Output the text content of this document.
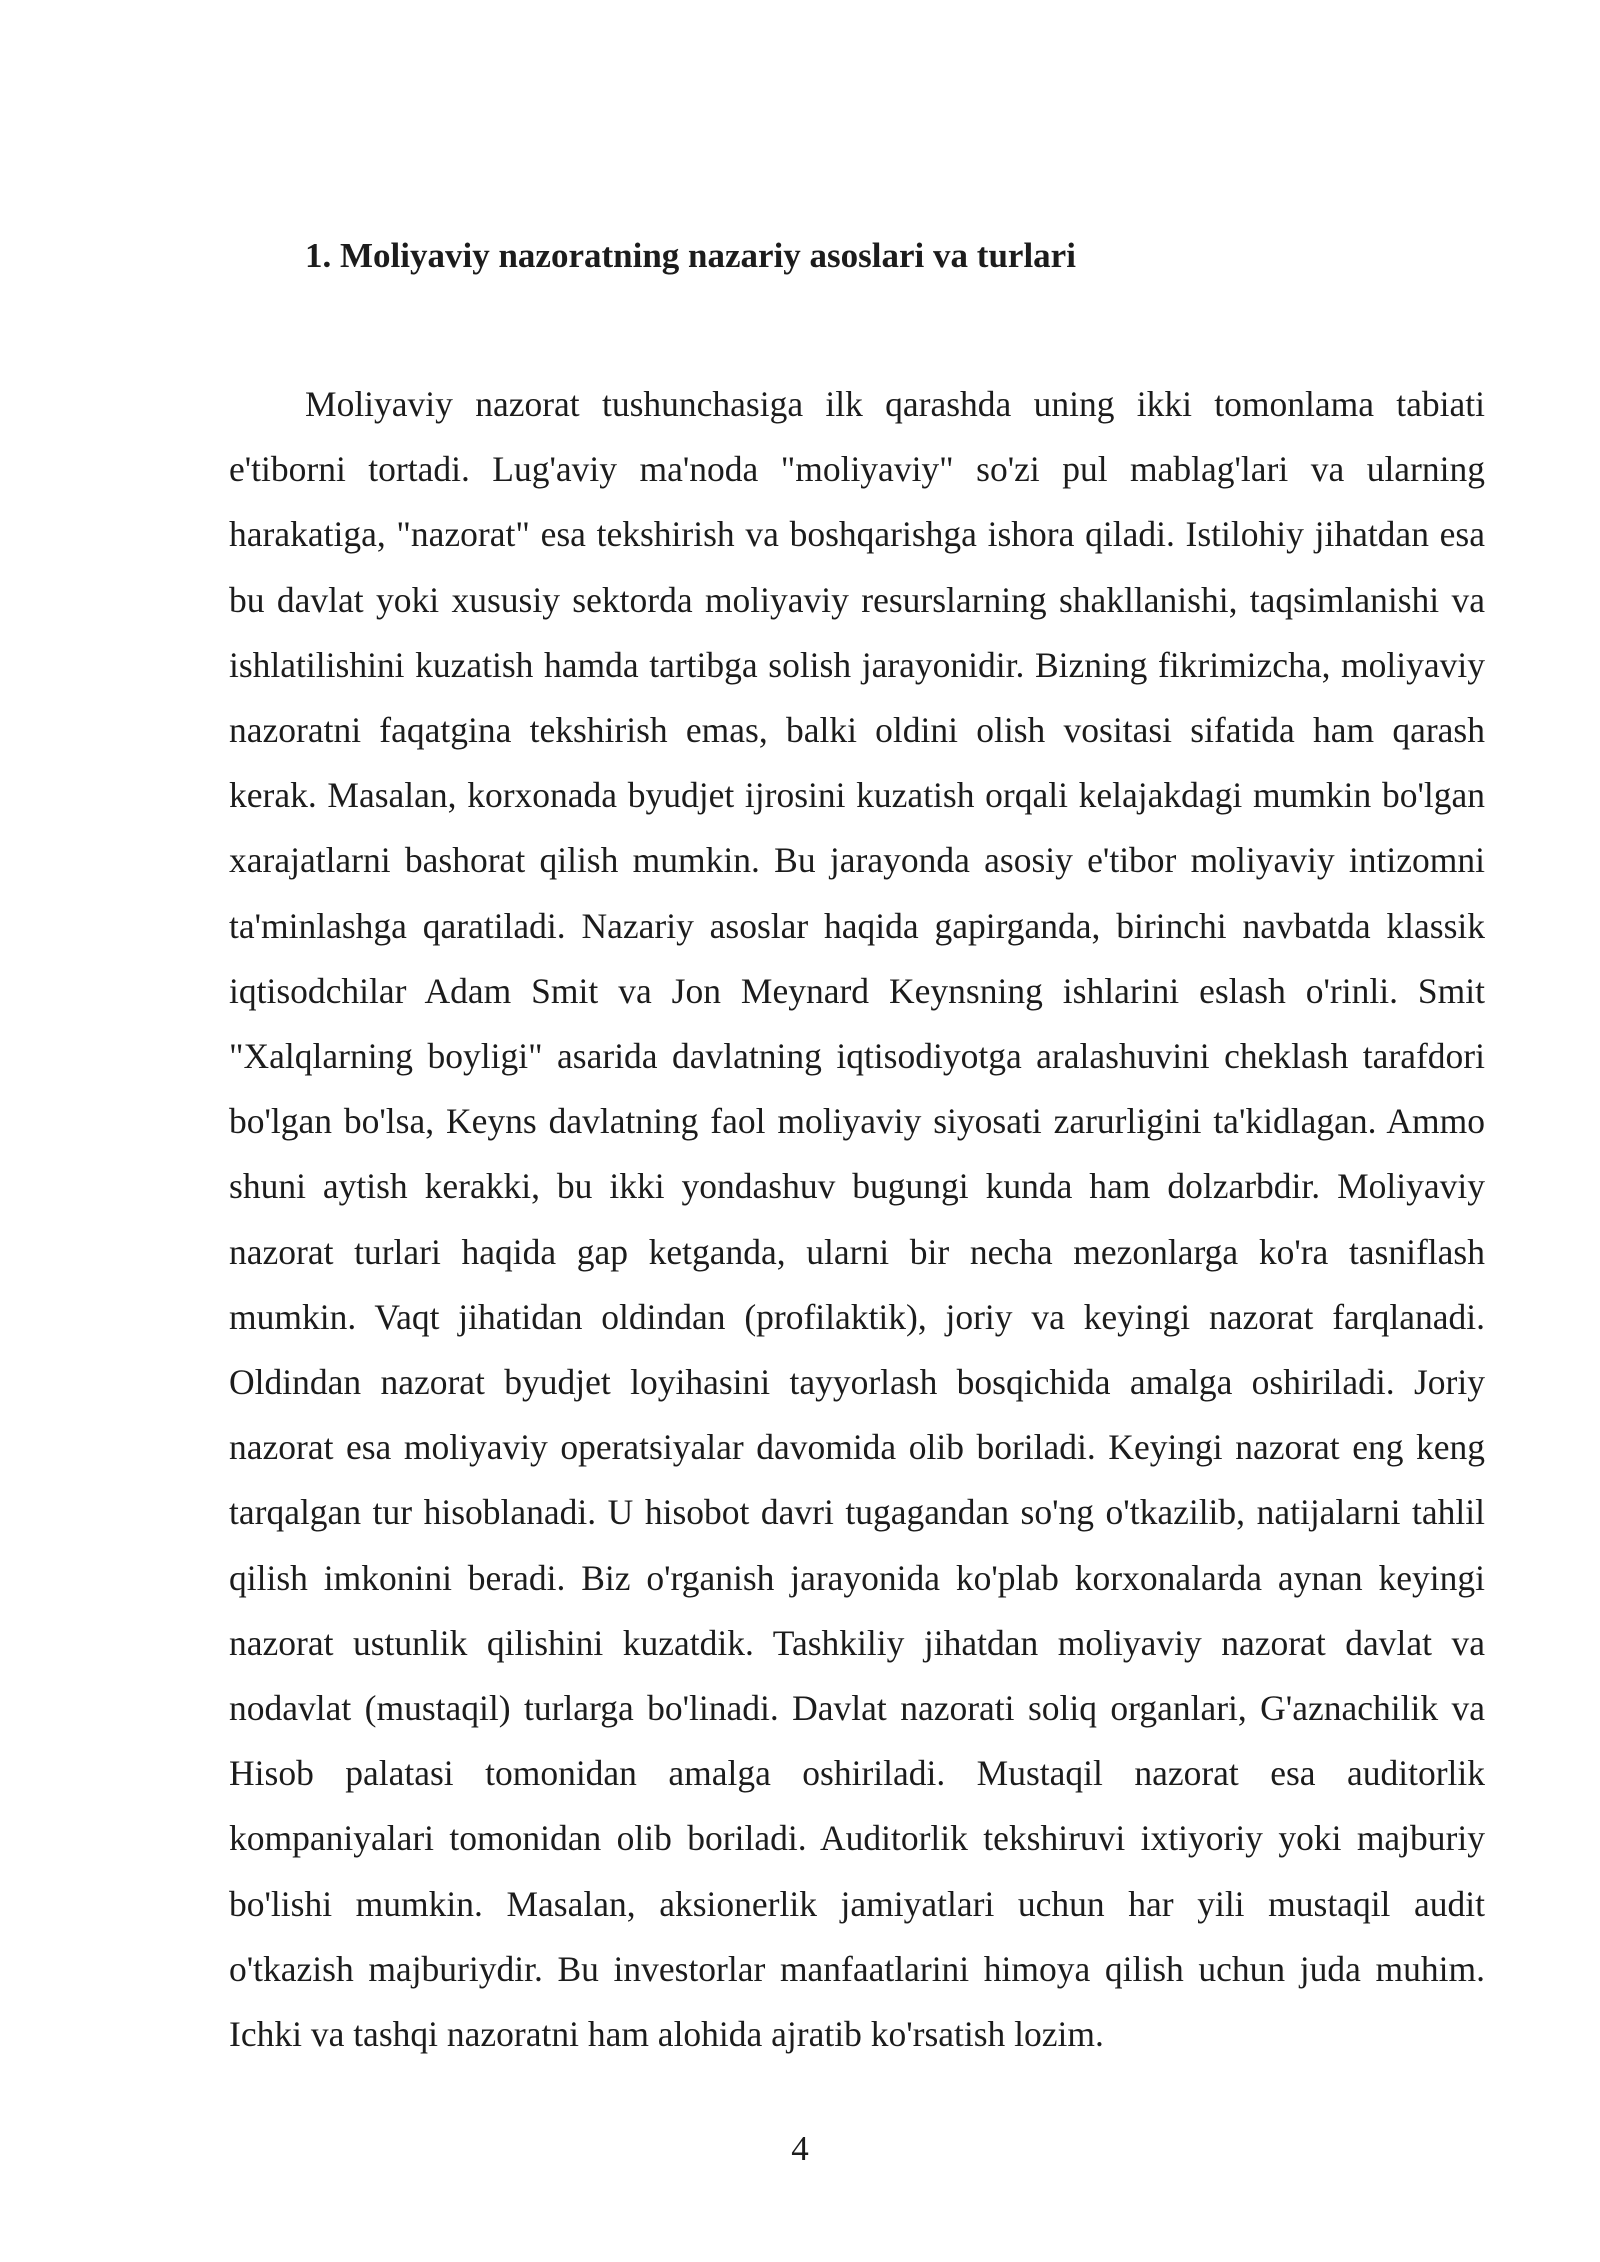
1. Moliyaviy nazoratning nazariy asoslari va turlari

Moliyaviy nazorat tushunchasiga ilk qarashda uning ikki tomonlama tabiati e'tiborni tortadi. Lug'aviy ma'noda "moliyaviy" so'zi pul mablag'lari va ularning harakatiga, "nazorat" esa tekshirish va boshqarishga ishora qiladi. Istilohiy jihatdan esa bu davlat yoki xususiy sektorda moliyaviy resurslarning shakllanishi, taqsimlanishi va ishlatilishini kuzatish hamda tartibga solish jarayonidir. Bizning fikrimizcha, moliyaviy nazoratni faqatgina tekshirish emas, balki oldini olish vositasi sifatida ham qarash kerak. Masalan, korxonada byudjet ijrosini kuzatish orqali kelajakdagi mumkin bo'lgan xarajatlarni bashorat qilish mumkin. Bu jarayonda asosiy e'tibor moliyaviy intizomni ta'minlashga qaratiladi. Nazariy asoslar haqida gapirganda, birinchi navbatda klassik iqtisodchilar Adam Smit va Jon Meynard Keynsning ishlarini eslash o'rinli. Smit "Xalqlarning boyligi" asarida davlatning iqtisodiyotga aralashuvini cheklash tarafdori bo'lgan bo'lsa, Keyns davlatning faol moliyaviy siyosati zarurligini ta'kidlagan. Ammo shuni aytish kerakki, bu ikki yondashuv bugungi kunda ham dolzarbdir. Moliyaviy nazorat turlari haqida gap ketganda, ularni bir necha mezonlarga ko'ra tasniflash mumkin. Vaqt jihatidan oldindan (profilaktik), joriy va keyingi nazorat farqlanadi. Oldindan nazorat byudjet loyihasini tayyorlash bosqichida amalga oshiriladi. Joriy nazorat esa moliyaviy operatsiyalar davomida olib boriladi. Keyingi nazorat eng keng tarqalgan tur hisoblanadi. U hisobot davri tugagandan so'ng o'tkazilib, natijalarni tahlil qilish imkonini beradi. Biz o'rganish jarayonida ko'plab korxonalarda aynan keyingi nazorat ustunlik qilishini kuzatdik. Tashkiliy jihatdan moliyaviy nazorat davlat va nodavlat (mustaqil) turlarga bo'linadi. Davlat nazorati soliq organlari, G'aznachilik va Hisob palatasi tomonidan amalga oshiriladi. Mustaqil nazorat esa auditorlik kompaniyalari tomonidan olib boriladi. Auditorlik tekshiruvi ixtiyoriy yoki majburiy bo'lishi mumkin. Masalan, aksionerlik jamiyatlari uchun har yili mustaqil audit o'tkazish majburiydir. Bu investorlar manfaatlarini himoya qilish uchun juda muhim. Ichki va tashqi nazoratni ham alohida ajratib ko'rsatish lozim.

4
